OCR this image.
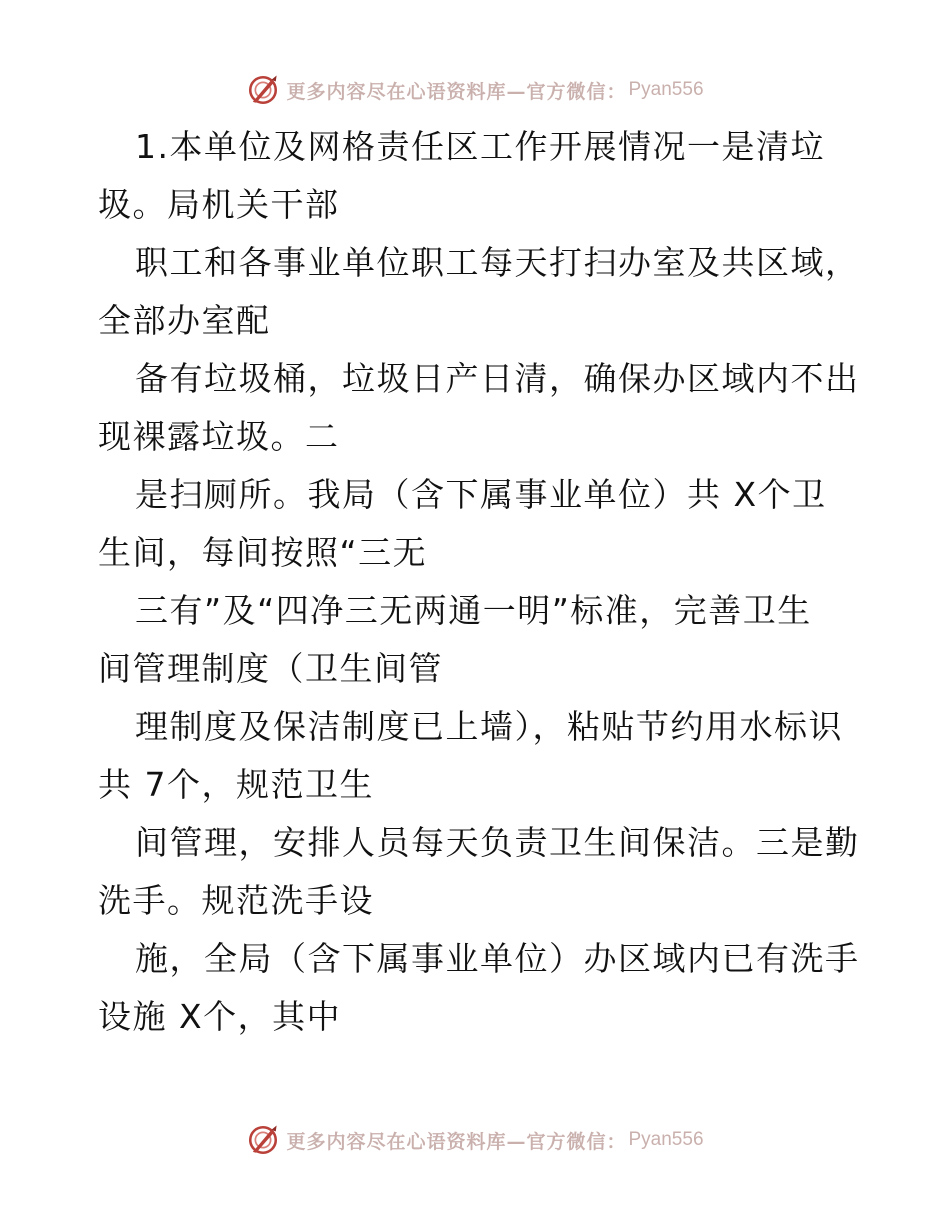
更多内容尽在心语资料库—官方微信： Pyan556
1.本单位及网格责任区工作开展情况一是清垃
圾。局机关干部
职工和各事业单位职工每天打扫办室及共区域，
全部办室配
备有垃圾桶，垃圾日产日清，确保办区域内不出
现裸露垃圾。二
是扫厕所。我局（含下属事业单位）共 X个卫
生间，每间按照“三无
三有”及“四净三无两通一明”标准，完善卫生
间管理制度（卫生间管
理制度及保洁制度已上墙），粘贴节约用水标识
共 7个，规范卫生
间管理，安排人员每天负责卫生间保洁。三是勤
洗手。规范洗手设
施，全局（含下属事业单位）办区域内已有洗手
设施 X个，其中
更多内容尽在心语资料库—官方微信： Pyan556
